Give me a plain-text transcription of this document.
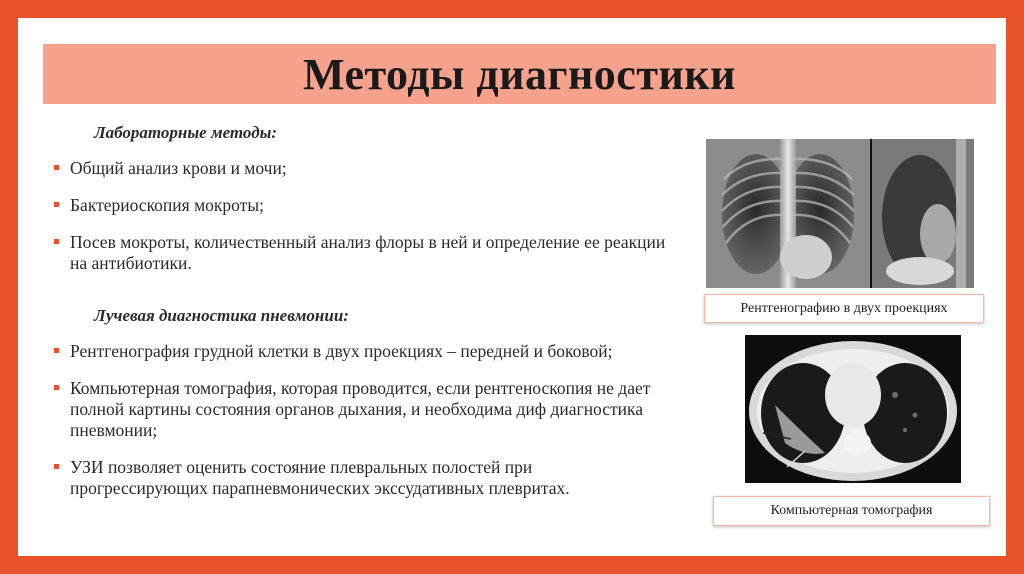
Методы диагностики
Лабораторные методы:
Общий анализ крови и мочи;
Бактериоскопия мокроты;
Посев мокроты, количественный анализ флоры в ней и определение ее реакции на антибиотики.
Лучевая диагностика пневмонии:
Рентгенография грудной клетки в двух проекциях – передней и боковой;
Компьютерная томография, которая проводится, если рентгеноскопия не дает полной картины состояния органов дыхания, и необходима диф диагностика пневмонии;
УЗИ позволяет оценить состояние плевральных полостей при прогрессирующих парапневмонических экссудативных плевритах.
Рентгенографию в двух проекциях
Компьютерная томография
